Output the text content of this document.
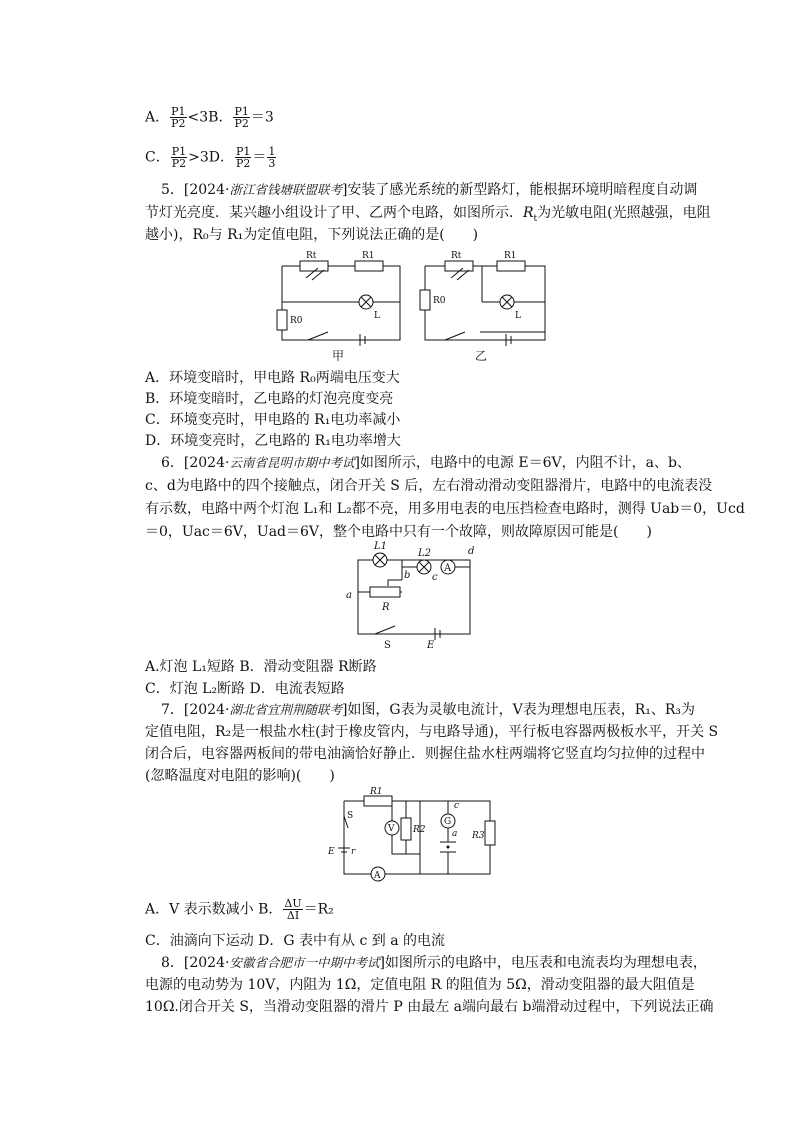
A． $\frac{P1}{P2} <3B$． $\frac{P1}{P2} =3$
C． $\frac{P1}{P2} >3D$． $\frac{P1}{P2} = \frac{1}{3}$
5．[2024·浙江省钱塘联盟联考]安装了感光系统的新型路灯，能根据环境明暗程度自动调
节灯光亮度．某兴趣小组设计了甲、乙两个电路，如图所示．$R_t$为光敏电阻(光照越强，电阻
越小)，R₀与 R₁为定值电阻，下列说法正确的是(　　)
Rt	R1
R0	L
Rt	R1
R0
L
甲	乙
A．环境变暗时，甲电路 R₀两端电压变大
B．环境变暗时，乙电路的灯泡亮度变亮
C．环境变亮时，甲电路的 R₁电功率减小
D．环境变亮时，乙电路的 R₁电功率增大
6．[2024·云南省昆明市期中考试]如图所示，电路中的电源 E＝6V，内阻不计，a、b、
c、d为电路中的四个接触点，闭合开关 S 后，左右滑动滑动变阻器滑片，电路中的电流表没
有示数，电路中两个灯泡 L₁和 L₂都不亮，用多用电表的电压挡检查电路时，测得 Uab＝0，Ucd
＝0，Uac＝6V，Uad＝6V，整个电路中只有一个故障，则故障原因可能是(　　)
L1
L2
A
a
b c
d
R
S	E
A.灯泡 L₁短路 B．滑动变阻器 R断路
C．灯泡 L₂断路 D．电流表短路
7．[2024·湖北省宜荆荆随联考]如图，G表为灵敏电流计，V表为理想电压表，R₁、R₃为
定值电阻，R₂是一根盐水柱(封于橡皮管内，与电路导通)，平行板电容器两极板水平，开关 S
闭合后，电容器两板间的带电油滴恰好静止．则握住盐水柱两端将它竖直均匀拉伸的过程中
(忽略温度对电阻的影响)(　　)
S
R1
V R2
G
c
a R3
E r
A
A．V 表示数减小 B． $\frac{\Delta U}{\Delta I} =R_2$
C．油滴向下运动 D．G 表中有从 c 到 a 的电流
8．[2024·安徽省合肥市一中期中考试]如图所示的电路中，电压表和电流表均为理想电表，
电源的电动势为 10V，内阻为 1Ω，定值电阻 R 的阻值为 5Ω，滑动变阻器的最大阻值是
10Ω.闭合开关 S，当滑动变阻器的滑片 P 由最左 a端向最右 b端滑动过程中，下列说法正确
